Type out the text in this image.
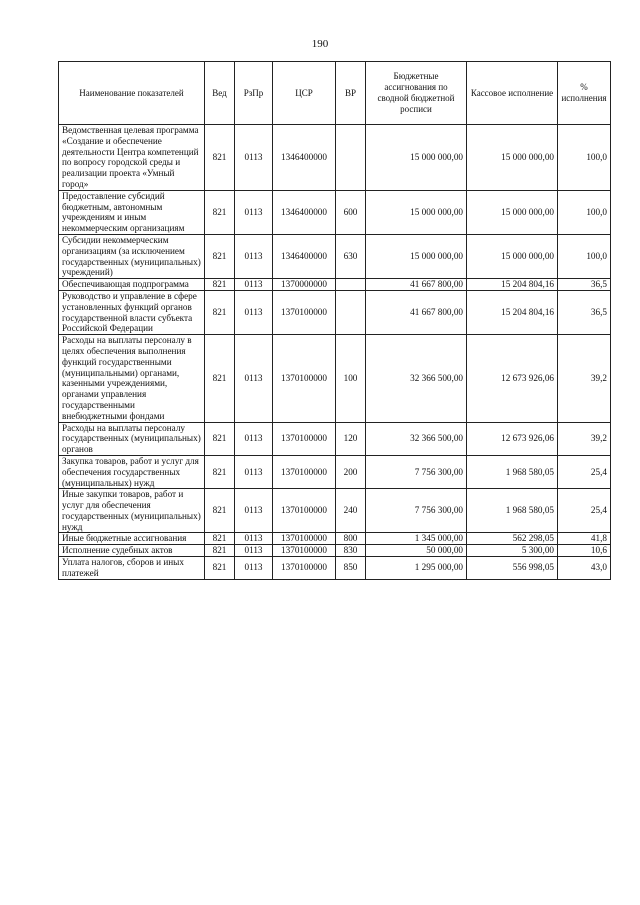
190
Наименование показателей	Вед	РзПр	ЦСР	ВР	Бюджетные ассигнования по сводной бюджетной росписи	Кассовое исполнение	% исполнения
Ведомственная целевая программа «Создание и обеспечение деятельности Центра компетенций по вопросу городской среды и реализации проекта «Умный город»	821	0113	1346400000		15 000 000,00	15 000 000,00	100,0
Предоставление субсидий бюджетным, автономным учреждениям и иным некоммерческим организациям	821	0113	1346400000	600	15 000 000,00	15 000 000,00	100,0
Субсидии некоммерческим организациям (за исключением государственных (муниципальных) учреждений)	821	0113	1346400000	630	15 000 000,00	15 000 000,00	100,0
Обеспечивающая подпрограмма	821	0113	1370000000		41 667 800,00	15 204 804,16	36,5
Руководство и управление в сфере установленных функций органов государственной власти субъекта Российской Федерации	821	0113	1370100000		41 667 800,00	15 204 804,16	36,5
Расходы на выплаты персоналу в целях обеспечения выполнения функций государственными (муниципальными) органами, казенными учреждениями, органами управления государственными внебюджетными фондами	821	0113	1370100000	100	32 366 500,00	12 673 926,06	39,2
Расходы на выплаты персоналу государственных (муниципальных) органов	821	0113	1370100000	120	32 366 500,00	12 673 926,06	39,2
Закупка товаров, работ и услуг для обеспечения государственных (муниципальных) нужд	821	0113	1370100000	200	7 756 300,00	1 968 580,05	25,4
Иные закупки товаров, работ и услуг для обеспечения государственных (муниципальных) нужд	821	0113	1370100000	240	7 756 300,00	1 968 580,05	25,4
Иные бюджетные ассигнования	821	0113	1370100000	800	1 345 000,00	562 298,05	41,8
Исполнение судебных актов	821	0113	1370100000	830	50 000,00	5 300,00	10,6
Уплата налогов, сборов и иных платежей	821	0113	1370100000	850	1 295 000,00	556 998,05	43,0
